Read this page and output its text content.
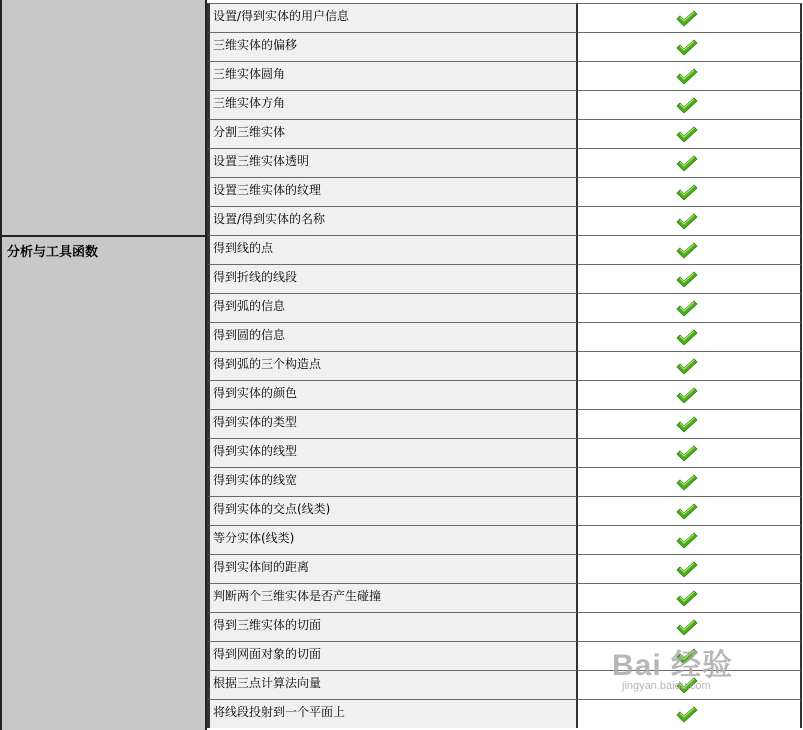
分析与工具函数
设置/得到实体的用户信息
三维实体的偏移
三维实体圆角
三维实体方角
分割三维实体
设置三维实体透明
设置三维实体的纹理
设置/得到实体的名称
得到线的点
得到折线的线段
得到弧的信息
得到圆的信息
得到弧的三个构造点
得到实体的颜色
得到实体的类型
得到实体的线型
得到实体的线宽
得到实体的交点(线类)
等分实体(线类)
得到实体间的距离
判断两个三维实体是否产生碰撞
得到三维实体的切面
得到网面对象的切面
根据三点计算法向量
将线段投射到一个平面上
Bai 经验
jingyan.baidu.com
